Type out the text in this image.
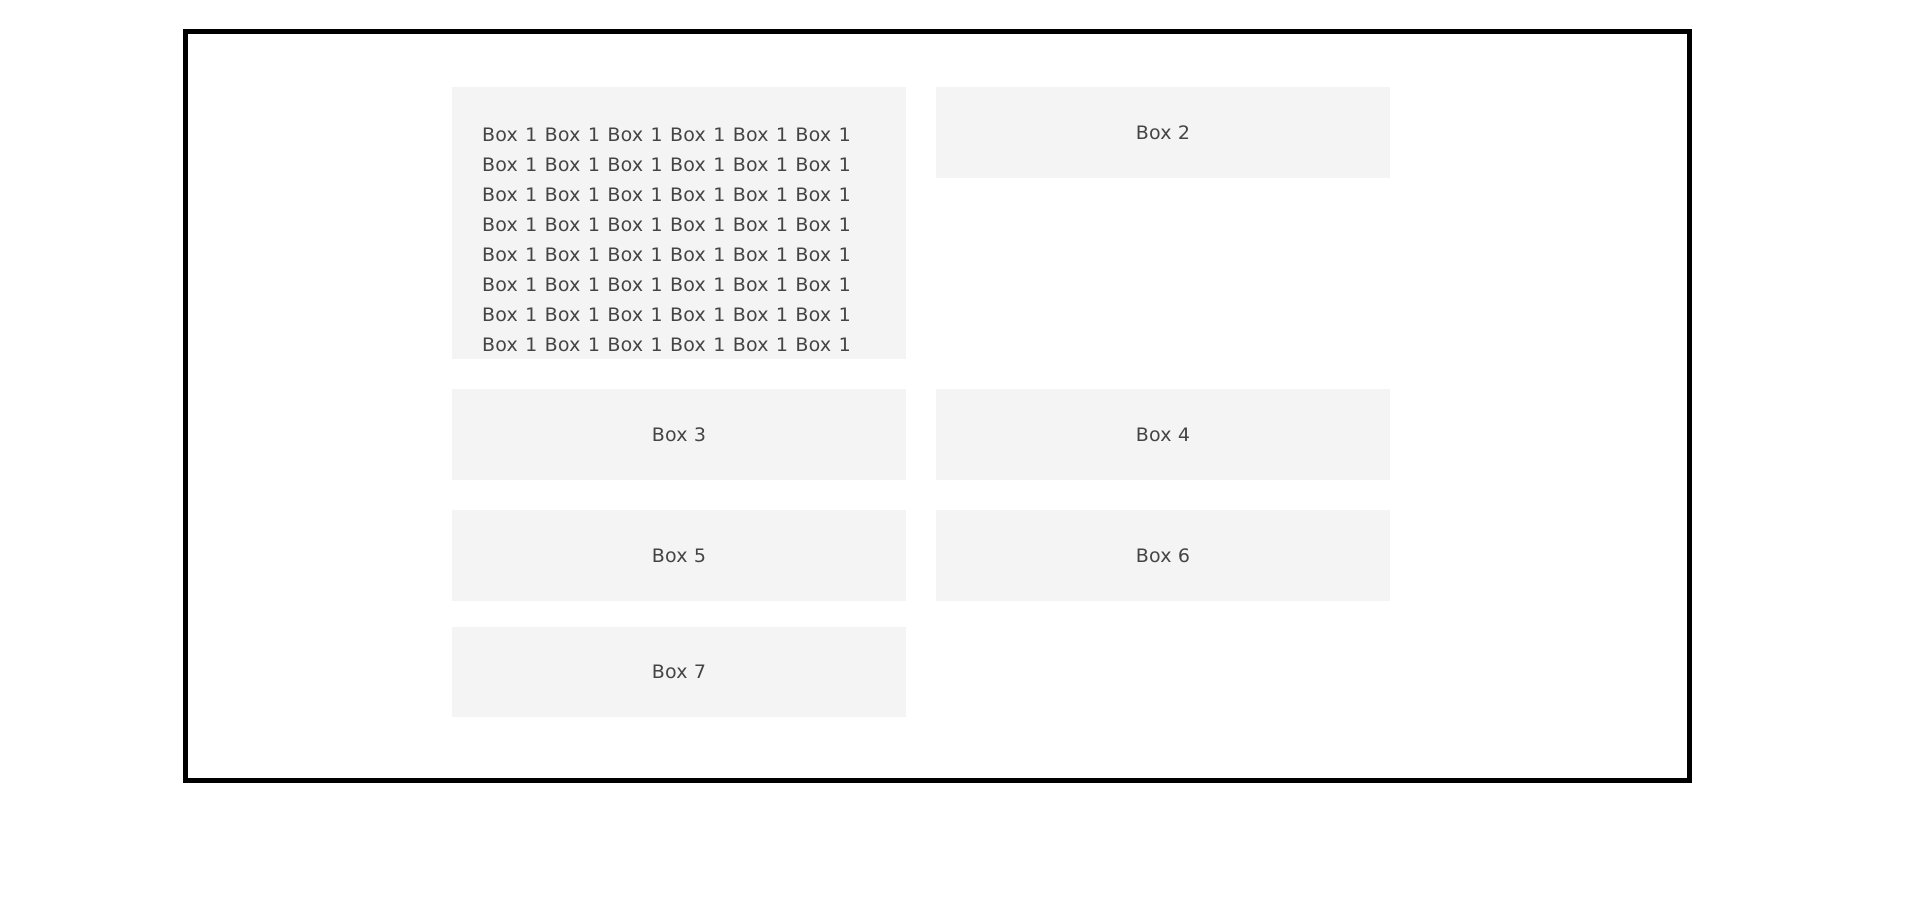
Box 1 Box 1 Box 1 Box 1 Box 1 Box 1 Box 1 Box 1 Box 1 Box 1 Box 1 Box 1 Box 1 Box 1 Box 1 Box 1 Box 1 Box 1 Box 1 Box 1 Box 1 Box 1 Box 1 Box 1 Box 1 Box 1 Box 1 Box 1 Box 1 Box 1 Box 1 Box 1 Box 1 Box 1 Box 1 Box 1 Box 1 Box 1 Box 1 Box 1 Box 1 Box 1 Box 1 Box 1 Box 1 Box 1 Box 1 Box 1
Box 2
Box 3	Box 4
Box 5	Box 6
Box 7
